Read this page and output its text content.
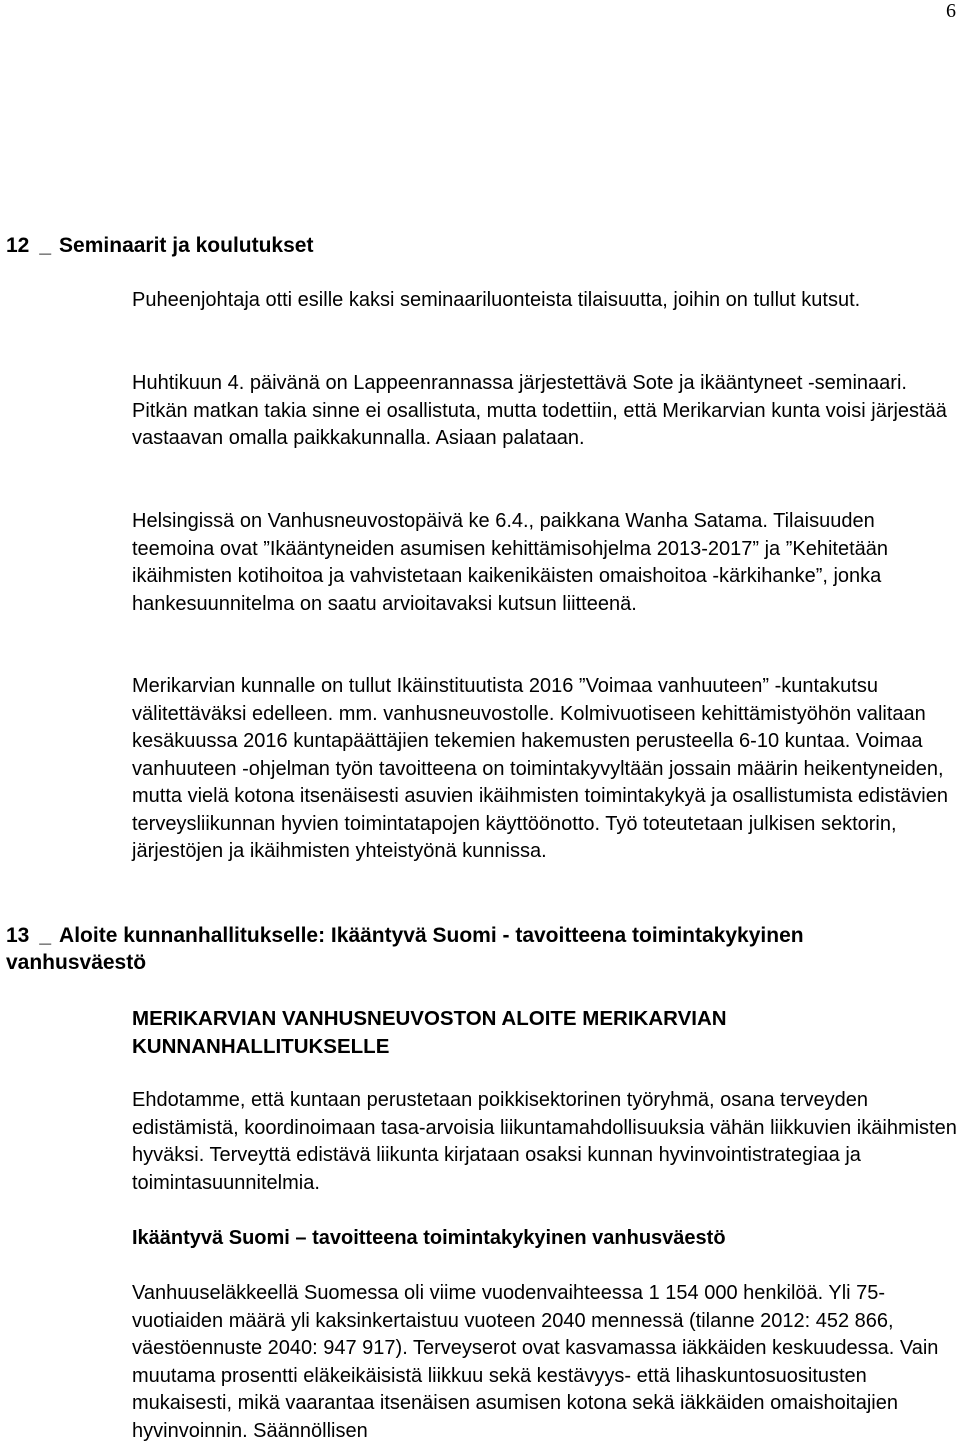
6
12 _ Seminaarit ja koulutukset

Puheenjohtaja otti esille kaksi seminaariluonteista tilaisuutta, joihin on tullut kutsut.

Huhtikuun 4. päivänä on Lappeenrannassa järjestettävä Sote ja ikääntyneet -seminaari. Pitkän matkan takia sinne ei osallistuta, mutta todettiin, että Merikarvian kunta voisi järjestää vastaavan omalla paikkakunnalla. Asiaan palataan.

Helsingissä on Vanhusneuvostopäivä ke 6.4., paikkana Wanha Satama. Tilaisuuden teemoina ovat ”Ikääntyneiden asumisen kehittämisohjelma 2013-2017” ja ”Kehitetään ikäihmisten kotihoitoa ja vahvistetaan kaikenikäisten omaishoitoa -kärkihanke”, jonka hankesuunnitelma on saatu arvioitavaksi kutsun liitteenä.

Merikarvian kunnalle on tullut Ikäinstituutista 2016 ”Voimaa vanhuuteen” -kuntakutsu välitettäväksi edelleen. mm. vanhusneuvostolle. Kolmivuotiseen kehittämistyöhön valitaan kesäkuussa 2016 kuntapäättäjien tekemien hakemusten perusteella 6-10 kuntaa. Voimaa vanhuuteen -ohjelman työn tavoitteena on toimintakyvyltään jossain määrin heikentyneiden, mutta vielä kotona itsenäisesti asuvien ikäihmisten toimintakykyä ja osallistumista edistävien terveysliikunnan hyvien toimintatapojen käyttöönotto. Työ toteutetaan julkisen sektorin, järjestöjen ja ikäihmisten yhteistyönä kunnissa.

13 _ Aloite kunnanhallitukselle: Ikääntyvä Suomi - tavoitteena toimintakykyinen vanhusväestö

MERIKARVIAN VANHUSNEUVOSTON ALOITE MERIKARVIAN KUNNANHALLITUKSELLE

Ehdotamme, että kuntaan perustetaan poikkisektorinen työryhmä, osana terveyden edistämistä, koordinoimaan tasa-arvoisia liikuntamahdollisuuksia vähän liikkuvien ikäihmisten hyväksi. Terveyttä edistävä liikunta kirjataan osaksi kunnan hyvinvointistrategiaa ja toimintasuunnitelmia.

Ikääntyvä Suomi – tavoitteena toimintakykyinen vanhusväestö

Vanhuuseläkkeellä Suomessa oli viime vuodenvaihteessa 1 154 000 henkilöä. Yli 75-vuotiaiden määrä yli kaksinkertaistuu vuoteen 2040 mennessä (tilanne 2012: 452 866, väestöennuste 2040: 947 917). Terveyserot ovat kasvamassa iäkkäiden keskuudessa. Vain muutama prosentti eläkeikäisistä liikkuu sekä kestävyys- että lihaskuntosuositusten mukaisesti, mikä vaarantaa itsenäisen asumisen kotona sekä iäkkäiden omaishoitajien hyvinvoinnin. Säännöllisen
